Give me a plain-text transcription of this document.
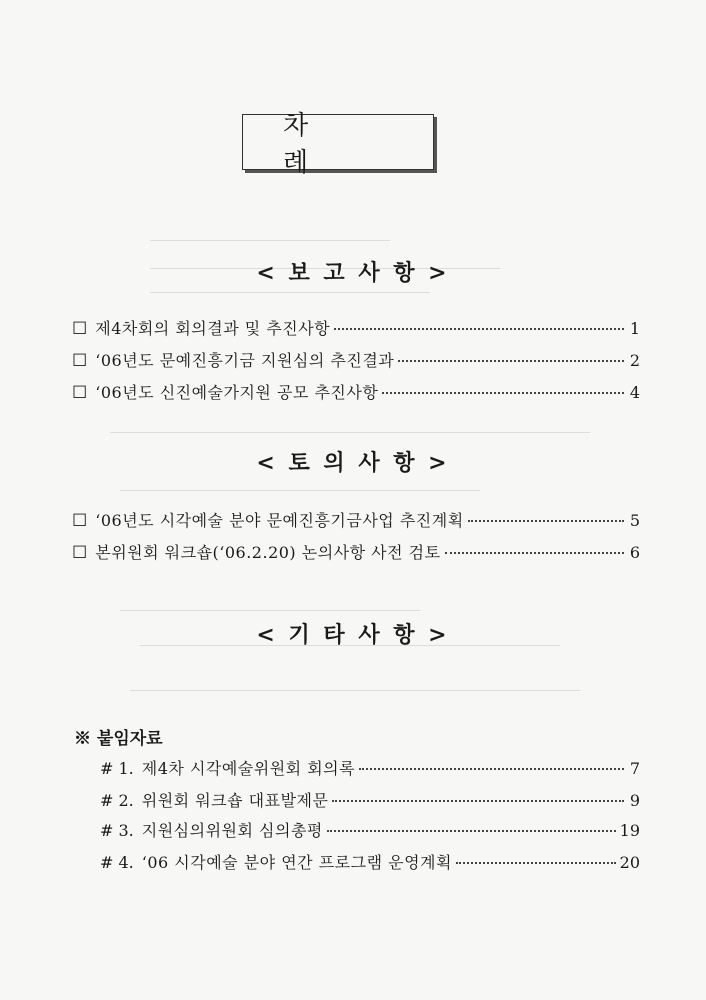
차 례
< 보 고 사 항 >
☐ 제4차회의 회의결과 및 추진사항	1
☐ ‘06년도 문예진흥기금 지원심의 추진결과	2
☐ ‘06년도 신진예술가지원 공모 추진사항	4
< 토 의 사 항 >
☐ ‘06년도 시각예술 분야 문예진흥기금사업 추진계획	5
☐ 본위원회 워크숍(‘06.2.20) 논의사항 사전 검토	6
< 기 타 사 항 >
※ 붙임자료
# 1. 제4차 시각예술위원회 회의록	7
# 2. 위원회 워크숍 대표발제문	9
# 3. 지원심의위원회 심의총평	19
# 4. ‘06 시각예술 분야 연간 프로그램 운영계획	20
